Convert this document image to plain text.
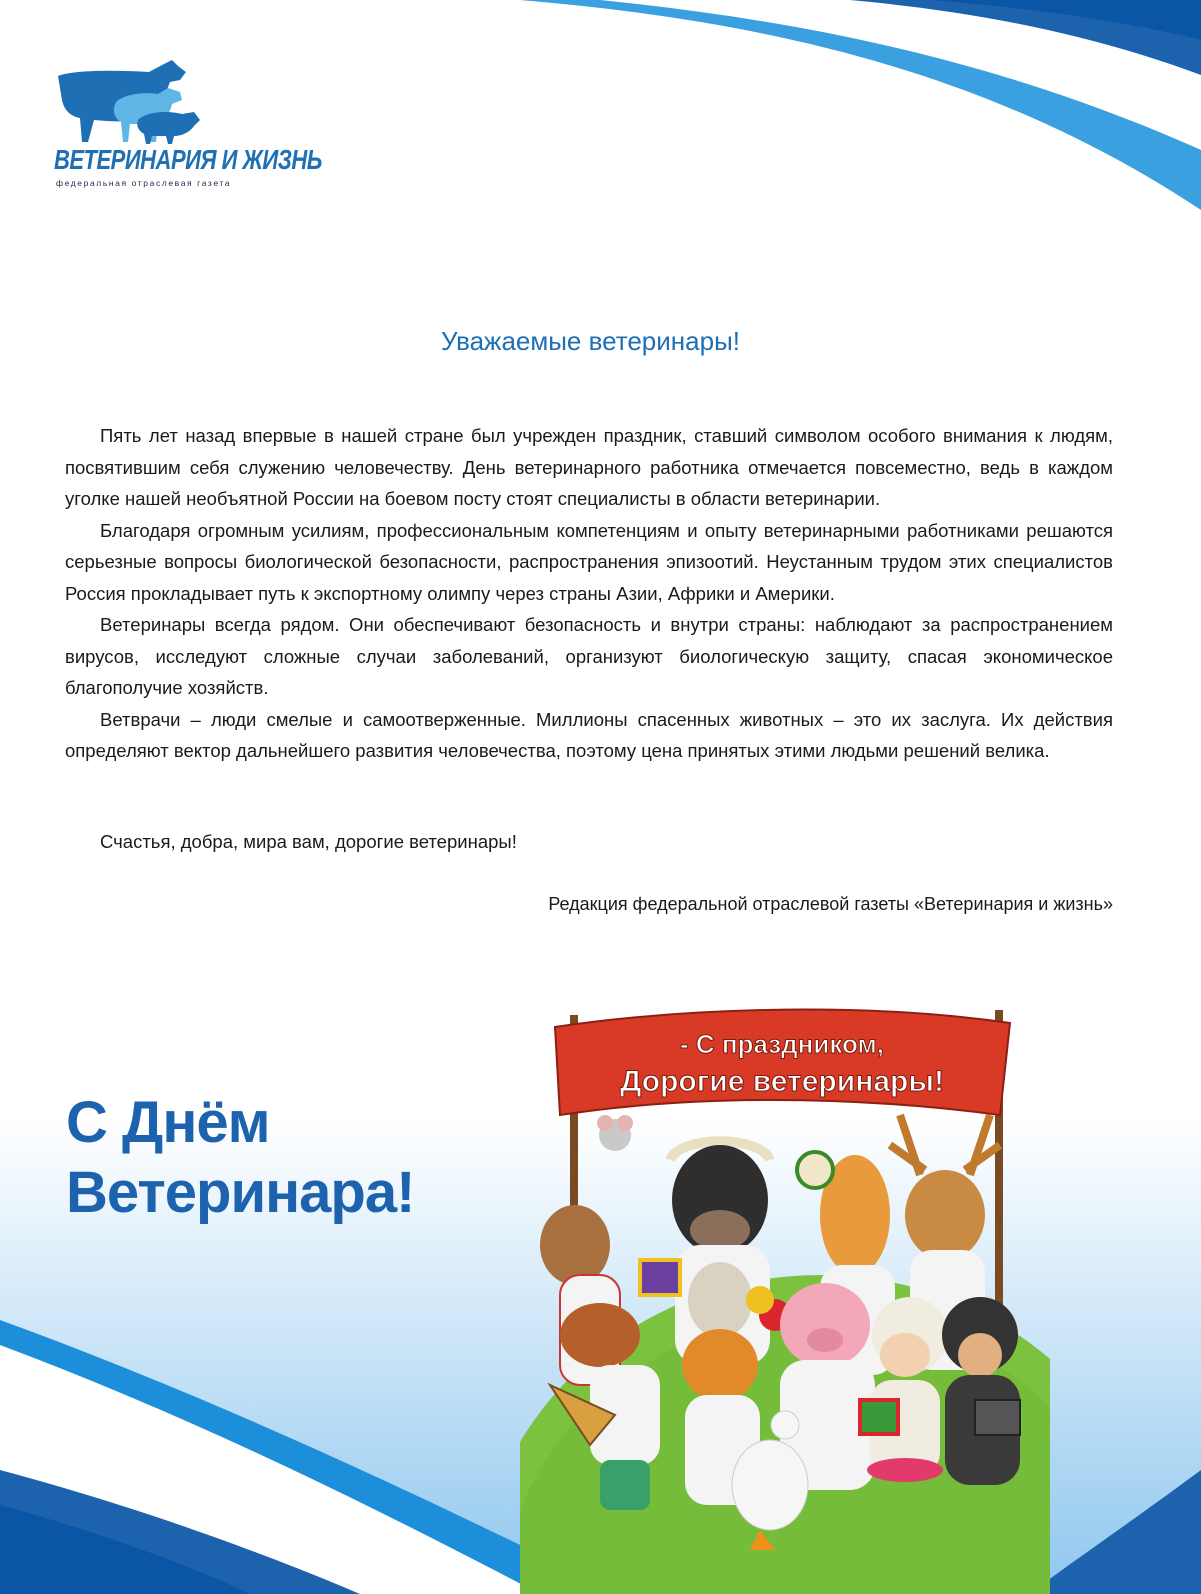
ВЕТЕРИНАРИЯ И ЖИЗНЬ
федеральная отраслевая газета
Уважаемые ветеринары!

Пять лет назад впервые в нашей стране был учрежден праздник, ставший символом особого внимания к людям, посвятившим себя служению человечеству. День ветеринарного работника отмечается повсеместно, ведь в каждом уголке нашей необъятной России на боевом посту стоят специалисты в области ветеринарии.

Благодаря огромным усилиям, профессиональным компетенциям и опыту ветеринарными работниками решаются серьезные вопросы биологической безопасности, распространения эпизоотий. Неустанным трудом этих специалистов Россия прокладывает путь к экспортному олимпу через страны Азии, Африки и Америки.

Ветеринары всегда рядом. Они обеспечивают безопасность и внутри страны: наблюдают за распространением вирусов, исследуют сложные случаи заболеваний, организуют биологическую защиту, спасая экономическое благополучие хозяйств.

Ветврачи – люди смелые и самоотверженные. Миллионы спасенных животных – это их заслуга. Их действия определяют вектор дальнейшего развития человечества, поэтому цена принятых этими людьми решений велика.

Счастья, добра, мира вам, дорогие ветеринары!
Редакция федеральной отраслевой газеты «Ветеринария и жизнь»
С Днём
Ветеринара!
- С праздником,
Дорогие ветеринары!
